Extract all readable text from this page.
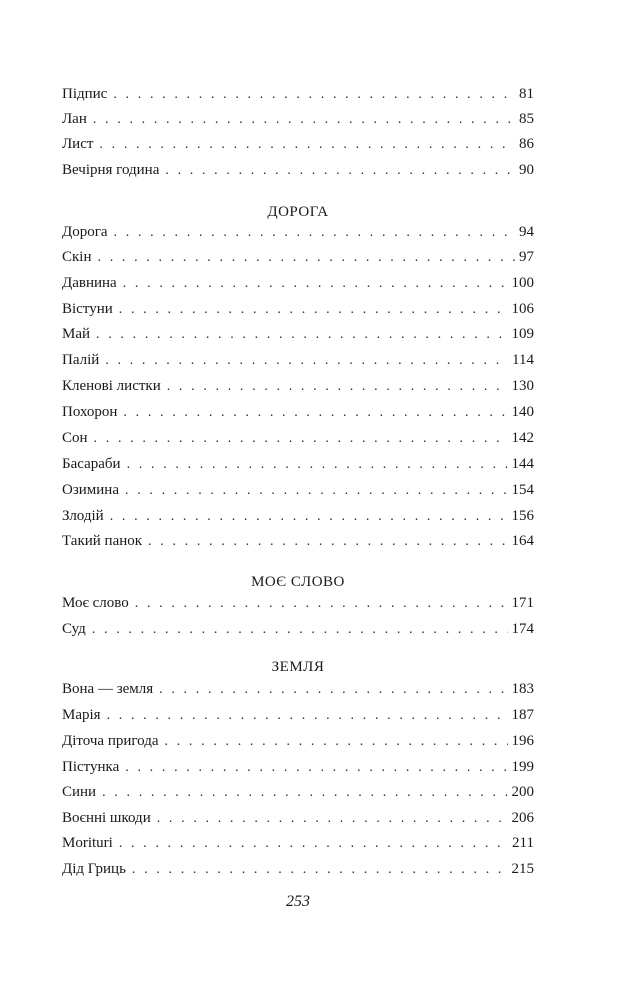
Підпис . . .	81
Лан . . .	85
Лист . . .	86
Вечірня година . . .	90
ДОРОГА
Дорога . . .	94
Скін . . .	97
Давнина . . .	100
Вістуни . . .	106
Май . . .	109
Палій . . .	114
Кленові листки . . .	130
Похорон . . .	140
Сон . . .	142
Басараби . . .	144
Озимина . . .	154
Злодій . . .	156
Такий панок . . .	164
МОЄ СЛОВО
Моє слово . . .	171
Суд . . .	174
ЗЕМЛЯ
Вона — земля . . .	183
Марія . . .	187
Діточа пригода . . .	196
Пістунка . . .	199
Сини . . .	200
Воєнні шкоди . . .	206
Moriturі . . .	211
Дід Гриць . . .	215
253
